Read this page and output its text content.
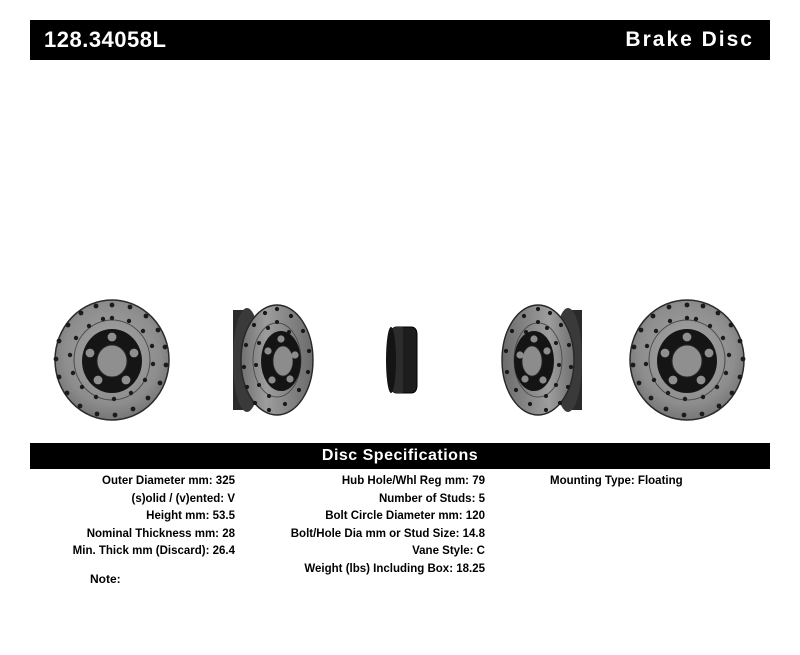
128.34058L	Brake Disc
Disc Specifications
Outer Diameter mm: 325
(s)olid / (v)ented: V
Height mm: 53.5
Nominal Thickness mm: 28
Min. Thick mm (Discard): 26.4
Hub Hole/Whl Reg mm: 79
Number of Studs: 5
Bolt Circle Diameter mm: 120
Bolt/Hole Dia mm or Stud Size: 14.8
Vane Style: C
Weight (lbs) Including Box: 18.25
Mounting Type: Floating
Note:
